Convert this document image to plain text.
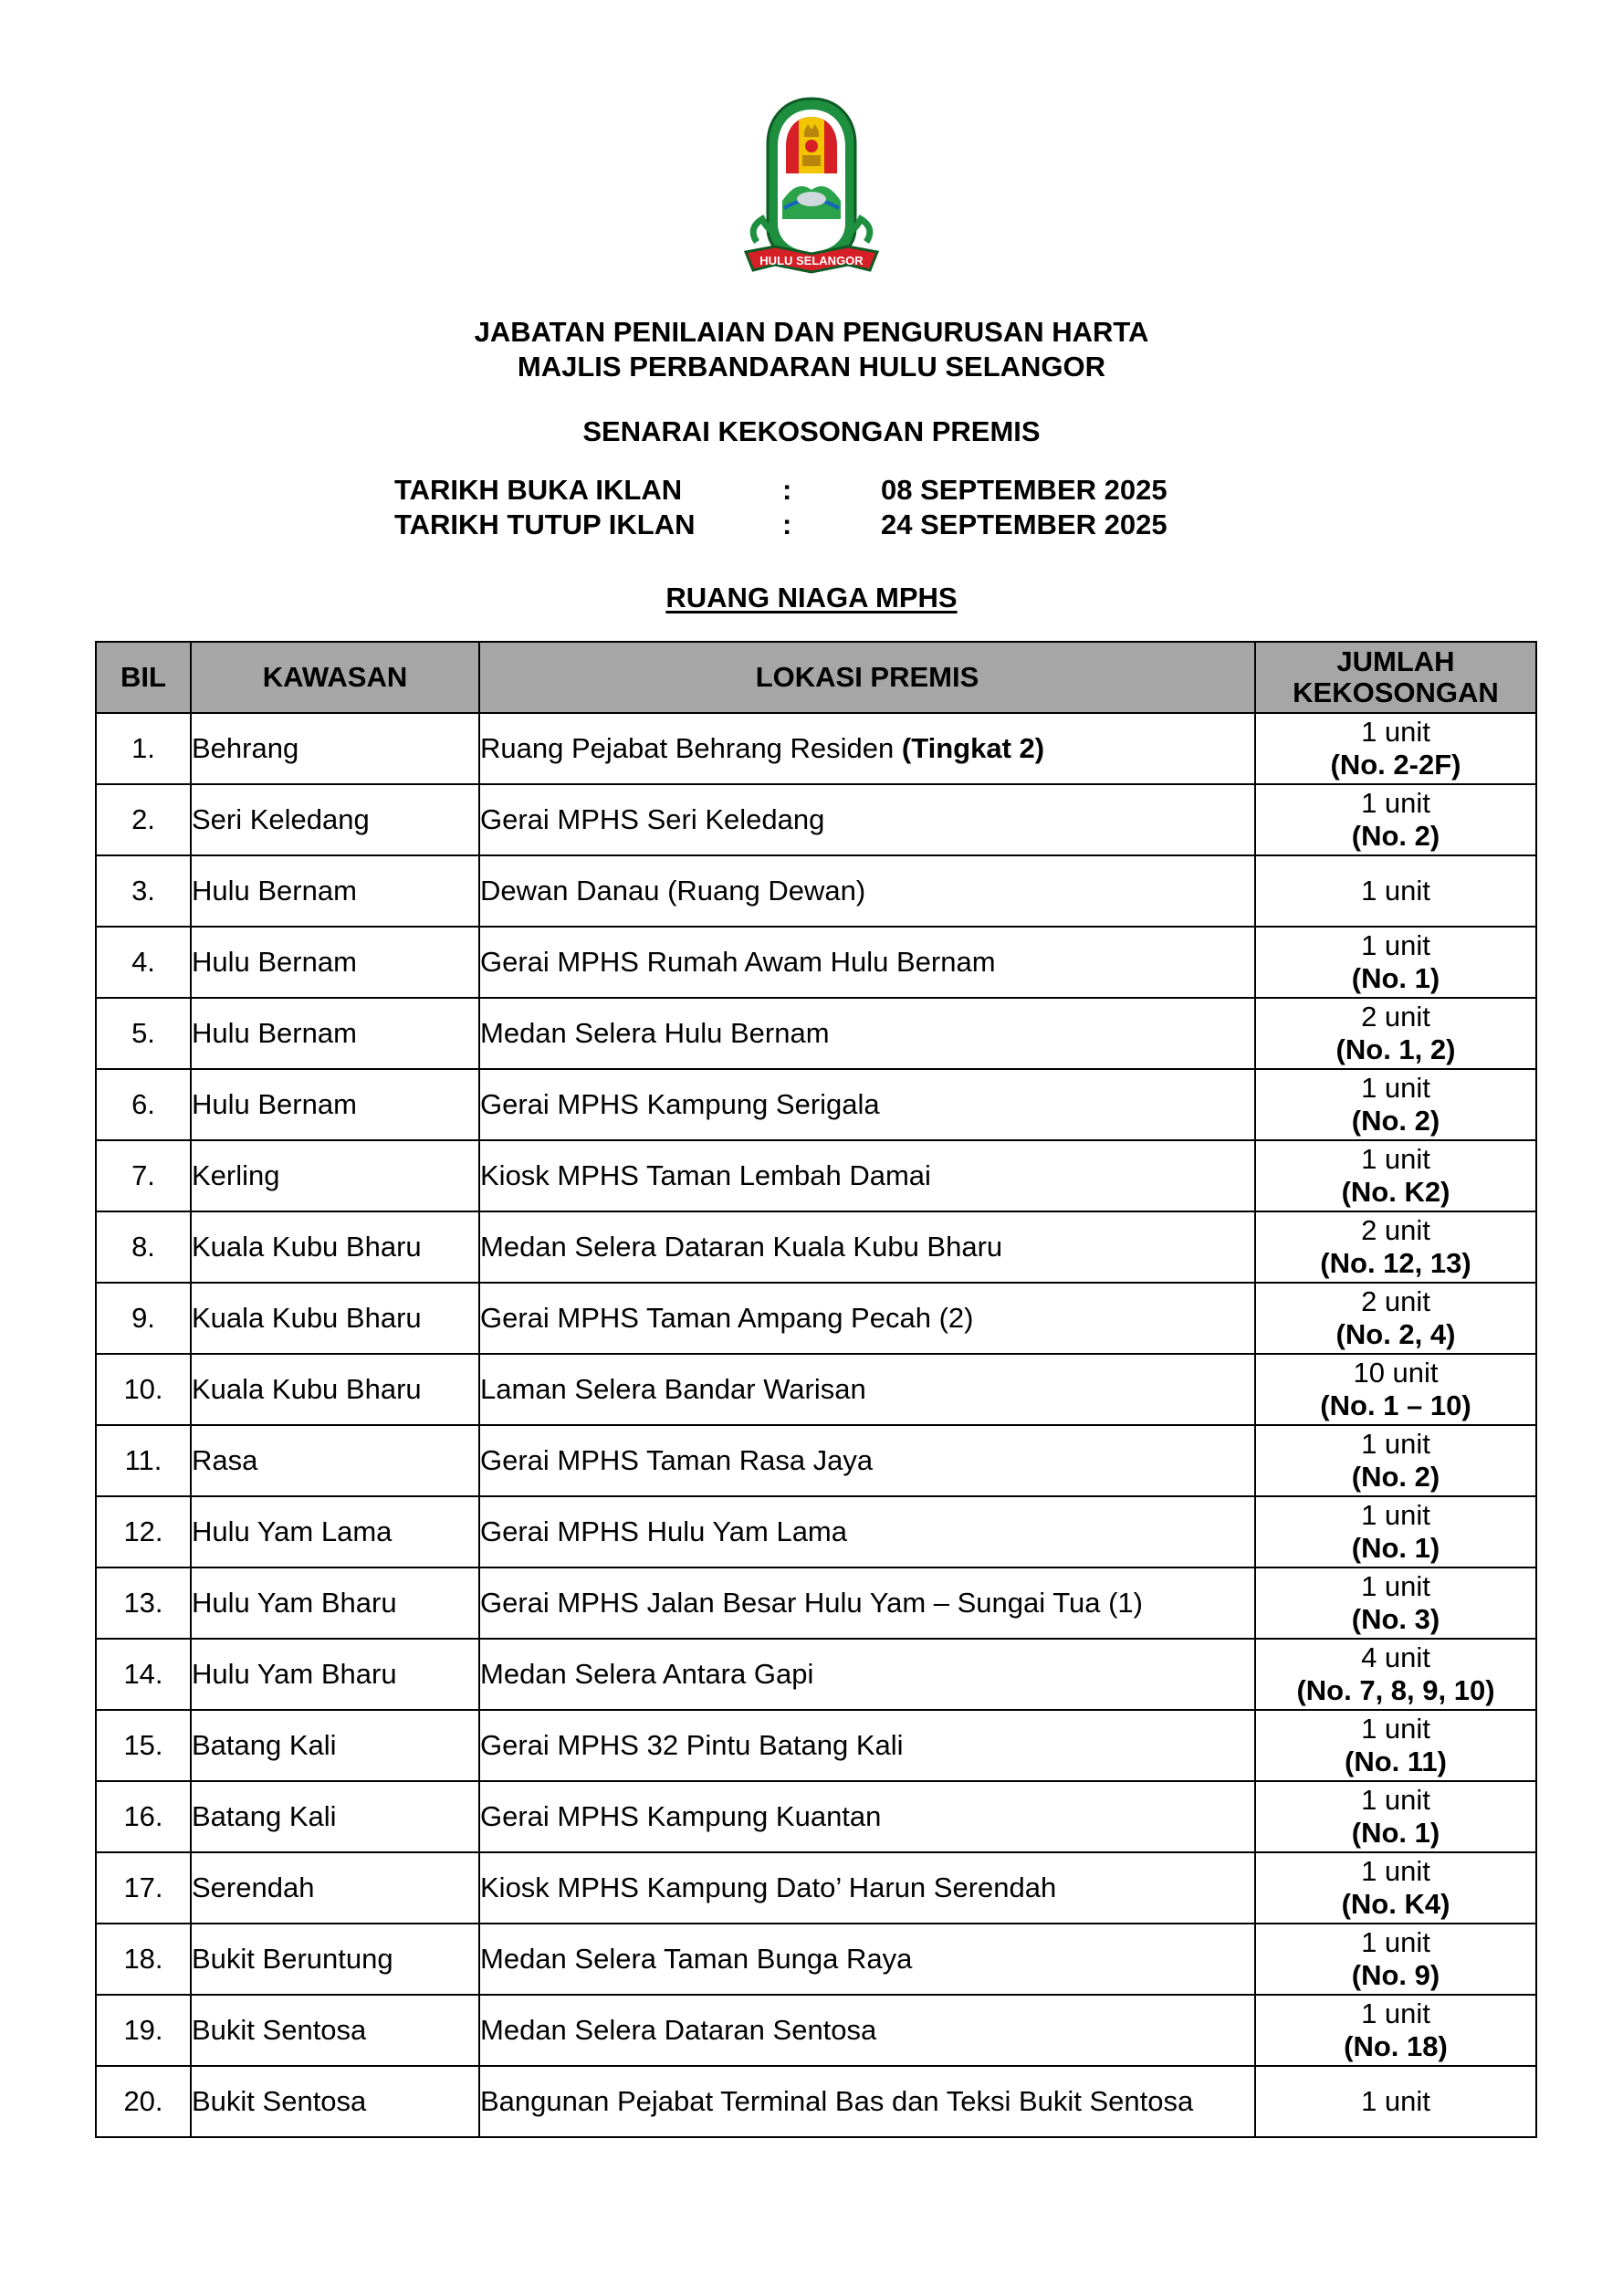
HULU SELANGOR
JABATAN PENILAIAN DAN PENGURUSAN HARTA
MAJLIS PERBANDARAN HULU SELANGOR
SENARAI KEKOSONGAN PREMIS
TARIKH BUKA IKLAN	:	08 SEPTEMBER 2025
TARIKH TUTUP IKLAN	:	24 SEPTEMBER 2025
RUANG NIAGA MPHS
BIL	KAWASAN	LOKASI PREMIS	JUMLAH
KEKOSONGAN

1.	Behrang	Ruang Pejabat Behrang Residen (Tingkat 2)	1 unit
(No. 2-2F)

2.	Seri Keledang	Gerai MPHS Seri Keledang	1 unit
(No. 2)

3.	Hulu Bernam	Dewan Danau (Ruang Dewan)	1 unit

4.	Hulu Bernam	Gerai MPHS Rumah Awam Hulu Bernam	1 unit
(No. 1)

5.	Hulu Bernam	Medan Selera Hulu Bernam	2 unit
(No. 1, 2)

6.	Hulu Bernam	Gerai MPHS Kampung Serigala	1 unit
(No. 2)

7.	Kerling	Kiosk MPHS Taman Lembah Damai	1 unit
(No. K2)

8.	Kuala Kubu Bharu	Medan Selera Dataran Kuala Kubu Bharu	2 unit
(No. 12, 13)

9.	Kuala Kubu Bharu	Gerai MPHS Taman Ampang Pecah (2)	2 unit
(No. 2, 4)

10.	Kuala Kubu Bharu	Laman Selera Bandar Warisan	10 unit
(No. 1 – 10)

11.	Rasa	Gerai MPHS Taman Rasa Jaya	1 unit
(No. 2)

12.	Hulu Yam Lama	Gerai MPHS Hulu Yam Lama	1 unit
(No. 1)

13.	Hulu Yam Bharu	Gerai MPHS Jalan Besar Hulu Yam – Sungai Tua (1)	1 unit
(No. 3)

14.	Hulu Yam Bharu	Medan Selera Antara Gapi	4 unit
(No. 7, 8, 9, 10)

15.	Batang Kali	Gerai MPHS 32 Pintu Batang Kali	1 unit
(No. 11)

16.	Batang Kali	Gerai MPHS Kampung Kuantan	1 unit
(No. 1)

17.	Serendah	Kiosk MPHS Kampung Dato’ Harun Serendah	1 unit
(No. K4)

18.	Bukit Beruntung	Medan Selera Taman Bunga Raya	1 unit
(No. 9)

19.	Bukit Sentosa	Medan Selera Dataran Sentosa	1 unit
(No. 18)

20.	Bukit Sentosa	Bangunan Pejabat Terminal Bas dan Teksi Bukit Sentosa	1 unit
